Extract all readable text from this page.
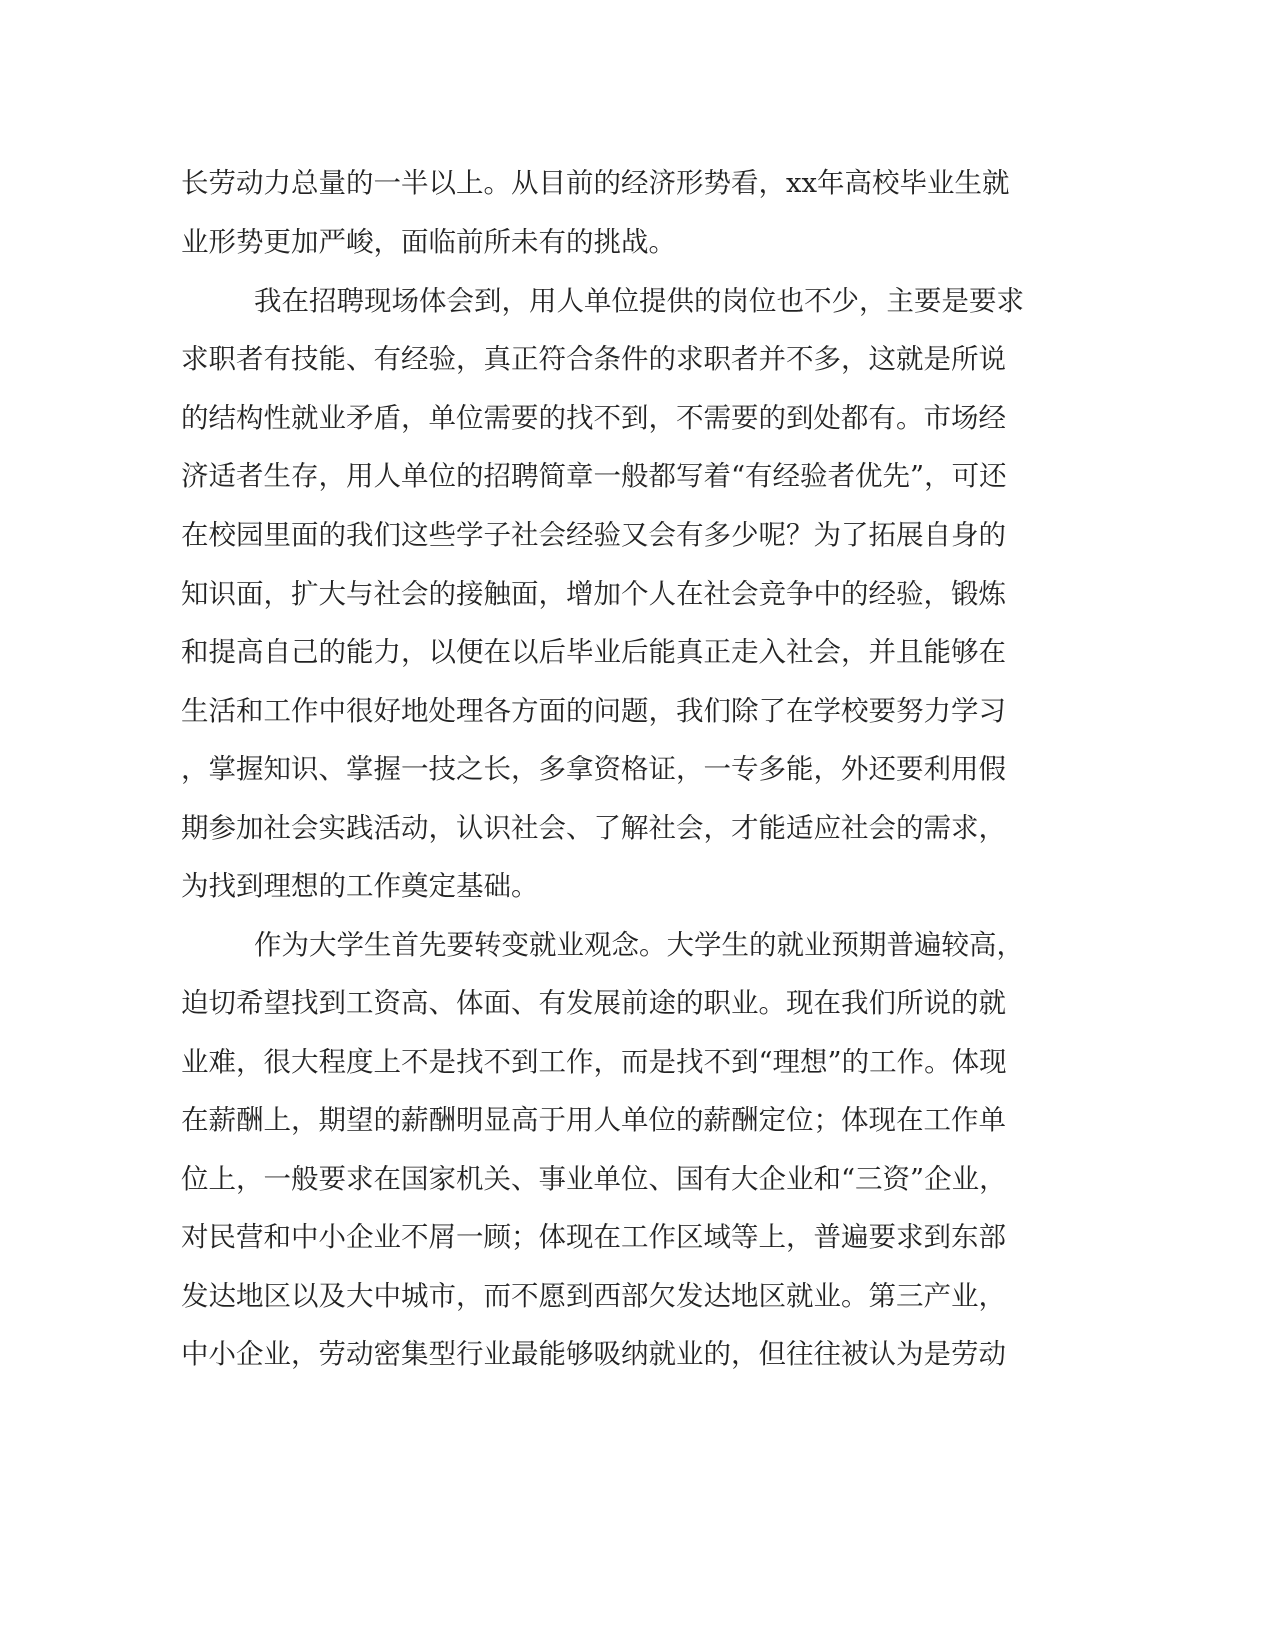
长劳动力总量的一半以上。从目前的经济形势看，xx年高校毕业生就
业形势更加严峻，面临前所未有的挑战。
我在招聘现场体会到，用人单位提供的岗位也不少，主要是要求
求职者有技能、有经验，真正符合条件的求职者并不多，这就是所说
的结构性就业矛盾，单位需要的找不到，不需要的到处都有。市场经
济适者生存，用人单位的招聘简章一般都写着“有经验者优先”，可还
在校园里面的我们这些学子社会经验又会有多少呢？为了拓展自身的
知识面，扩大与社会的接触面，增加个人在社会竞争中的经验，锻炼
和提高自己的能力，以便在以后毕业后能真正走入社会，并且能够在
生活和工作中很好地处理各方面的问题，我们除了在学校要努力学习
，掌握知识、掌握一技之长，多拿资格证，一专多能，外还要利用假
期参加社会实践活动，认识社会、了解社会，才能适应社会的需求，
为找到理想的工作奠定基础。
作为大学生首先要转变就业观念。大学生的就业预期普遍较高，
迫切希望找到工资高、体面、有发展前途的职业。现在我们所说的就
业难，很大程度上不是找不到工作，而是找不到“理想”的工作。体现
在薪酬上，期望的薪酬明显高于用人单位的薪酬定位；体现在工作单
位上，一般要求在国家机关、事业单位、国有大企业和“三资”企业，
对民营和中小企业不屑一顾；体现在工作区域等上，普遍要求到东部
发达地区以及大中城市，而不愿到西部欠发达地区就业。第三产业，
中小企业，劳动密集型行业最能够吸纳就业的，但往往被认为是劳动
